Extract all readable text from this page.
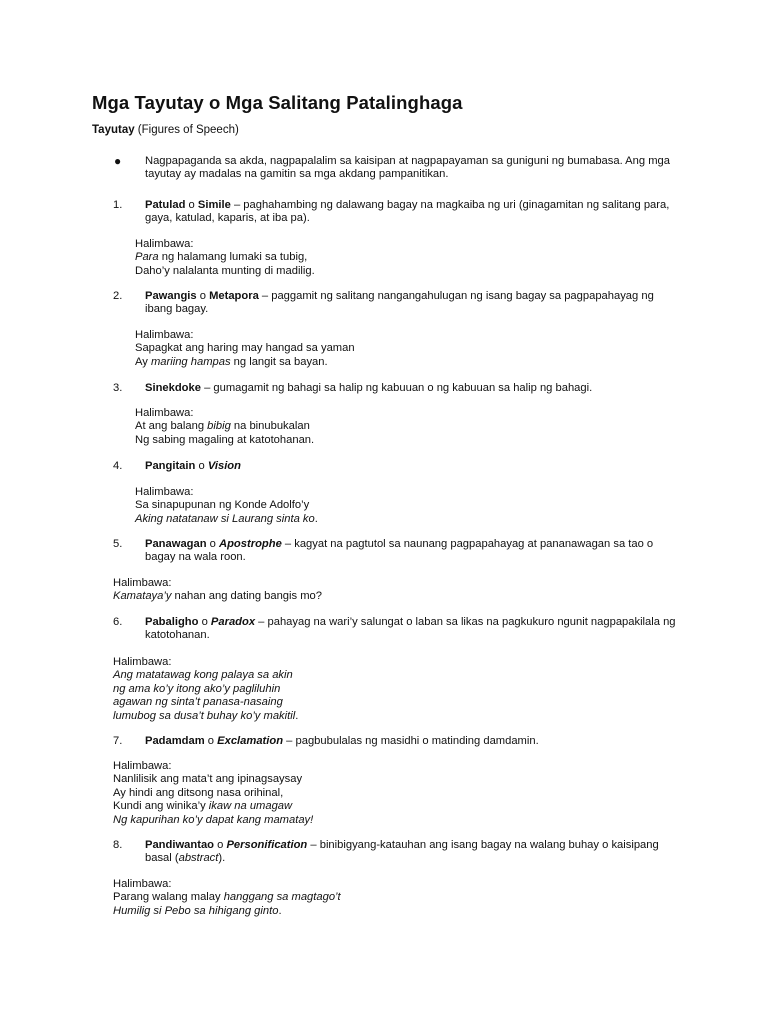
Mga Tayutay o Mga Salitang Patalinghaga
Tayutay (Figures of Speech)
● Nagpapaganda sa akda, nagpapalalim sa kaisipan at nagpapayaman sa guniguni ng bumabasa. Ang mga
tayutay ay madalas na gamitin sa mga akdang pampanitikan.
1. Patulad o Simile – paghahambing ng dalawang bagay na magkaiba ng uri (ginagamitan ng salitang para,
gaya, katulad, kaparis, at iba pa).
Halimbawa:
Para ng halamang lumaki sa tubig,
Daho’y nalalanta munting di madilig.
2. Pawangis o Metapora – paggamit ng salitang nangangahulugan ng isang bagay sa pagpapahayag ng
ibang bagay.
Halimbawa:
Sapagkat ang haring may hangad sa yaman
Ay mariing hampas ng langit sa bayan.
3. Sinekdoke – gumagamit ng bahagi sa halip ng kabuuan o ng kabuuan sa halip ng bahagi.
Halimbawa:
At ang balang bibig na binubukalan
Ng sabing magaling at katotohanan.
4. Pangitain o Vision
Halimbawa:
Sa sinapupunan ng Konde Adolfo’y
Aking natatanaw si Laurang sinta ko.
5. Panawagan o Apostrophe – kagyat na pagtutol sa naunang pagpapahayag at pananawagan sa tao o
bagay na wala roon.
Halimbawa:
Kamataya’y nahan ang dating bangis mo?
6. Pabaligho o Paradox – pahayag na wari’y salungat o laban sa likas na pagkukuro ngunit nagpapakilala ng
katotohanan.
Halimbawa:
Ang matatawag kong palaya sa akin
ng ama ko’y itong ako’y pagliluhin
agawan ng sinta’t panasa-nasaing
lumubog sa dusa’t buhay ko’y makitil.
7. Padamdam o Exclamation – pagbubulalas ng masidhi o matinding damdamin.
Halimbawa:
Nanlilisik ang mata’t ang ipinagsaysay
Ay hindi ang ditsong nasa orihinal,
Kundi ang winika’y ikaw na umagaw
Ng kapurihan ko’y dapat kang mamatay!
8. Pandiwantao o Personification – binibigyang-katauhan ang isang bagay na walang buhay o kaisipang
basal (abstract).
Halimbawa:
Parang walang malay hanggang sa magtago’t
Humilig si Pebo sa hihigang ginto.
